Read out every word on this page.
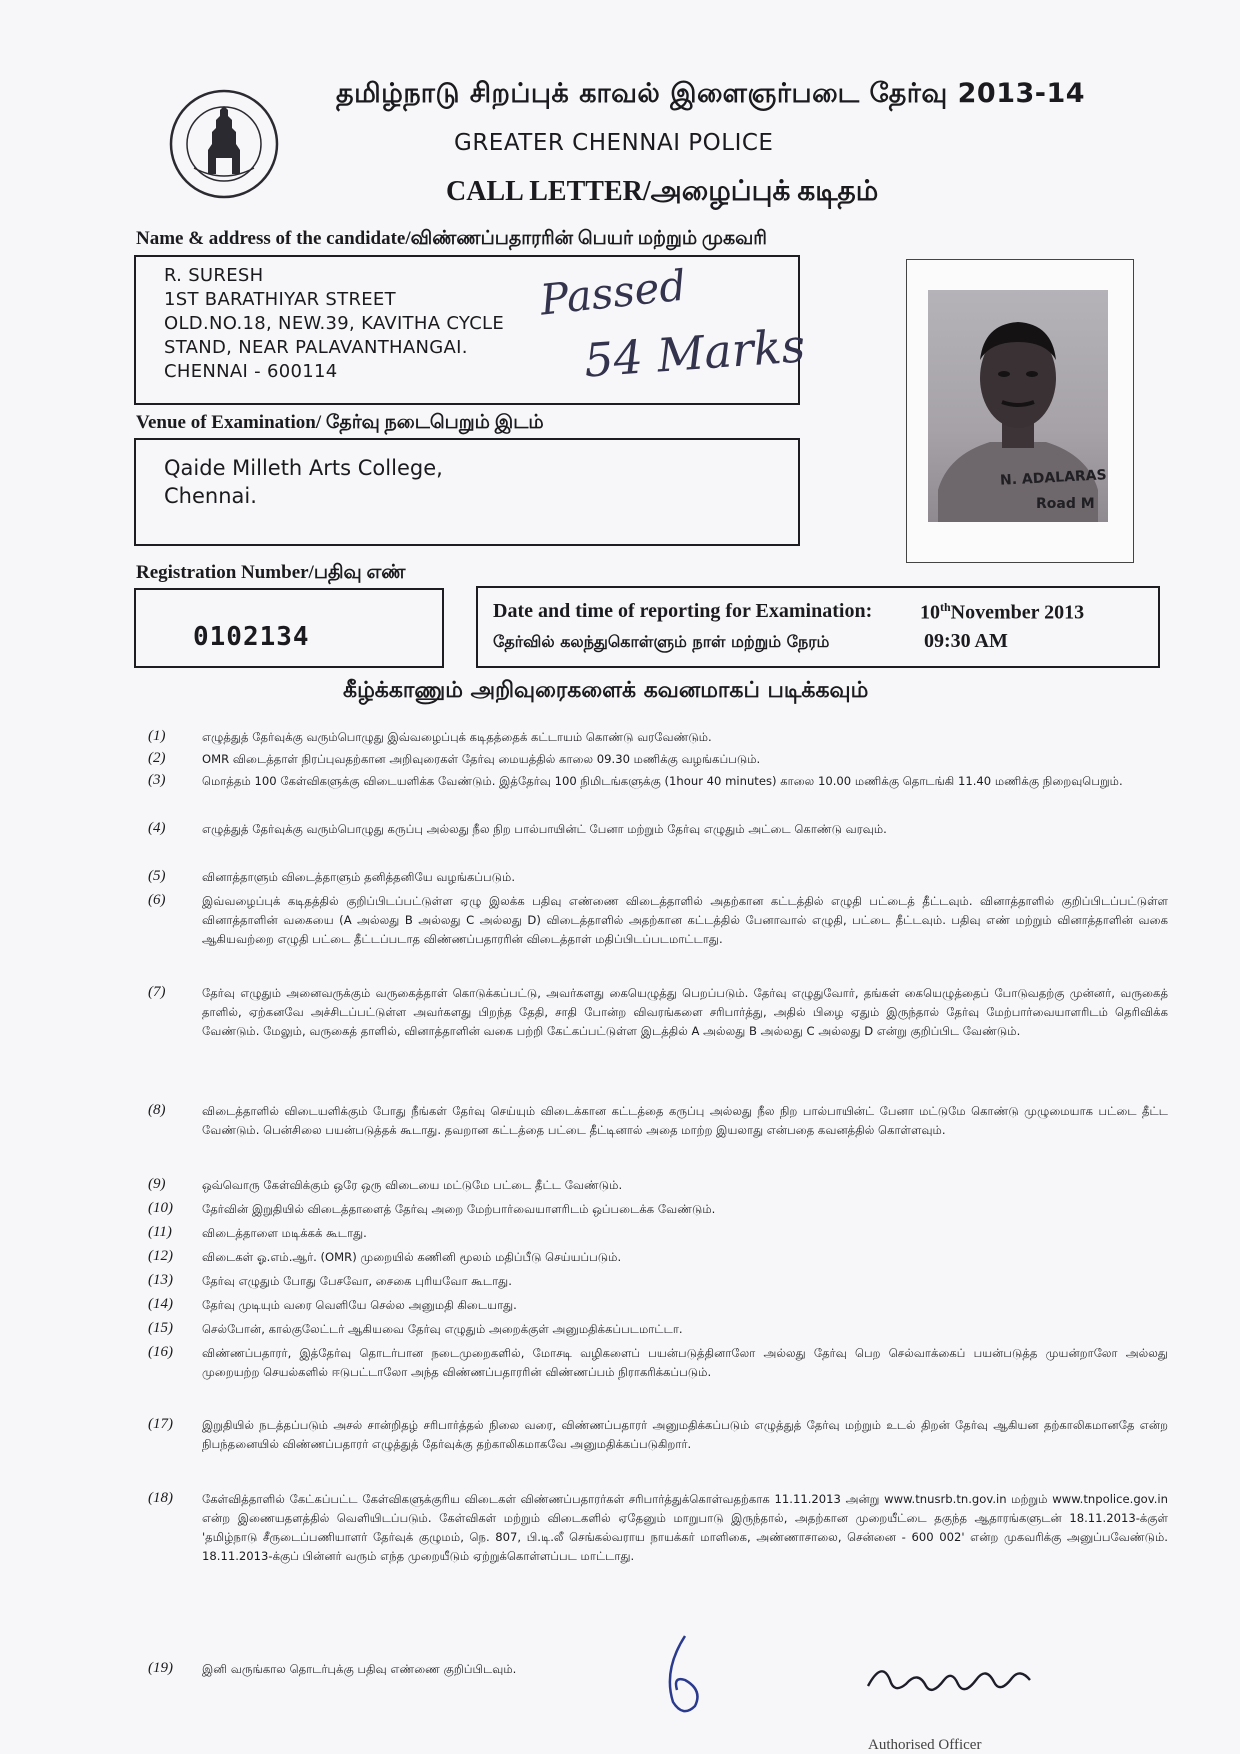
தமிழ்நாடு சிறப்புக் காவல் இளைஞர்படை தேர்வு 2013-14
GREATER CHENNAI POLICE
CALL LETTER/அழைப்புக் கடிதம்
Name & address of the candidate/விண்ணப்பதாரரின் பெயர் மற்றும் முகவரி
R. SURESH
1ST BARATHIYAR STREET
OLD.NO.18, NEW.39, KAVITHA CYCLE
STAND, NEAR PALAVANTHANGAI.
CHENNAI - 600114
Passed
54 Marks
N. ADALARAS
Road M
Venue of Examination/ தேர்வு நடைபெறும் இடம்
Qaide Milleth Arts College,
Chennai.
Registration Number/பதிவு எண்
0102134
Date and time of reporting for Examination: 10thNovember 2013
தேர்வில் கலந்துகொள்ளும் நாள் மற்றும் நேரம்	09:30 AM
கீழ்க்காணும் அறிவுரைகளைக் கவனமாகப் படிக்கவும்
(1)	எழுத்துத் தேர்வுக்கு வரும்பொழுது இவ்வழைப்புக் கடிதத்தைக் கட்டாயம் கொண்டு வரவேண்டும்.
(2)	OMR விடைத்தாள் நிரப்புவதற்கான அறிவுரைகள் தேர்வு மையத்தில் காலை 09.30 மணிக்கு வழங்கப்படும்.
(3)	மொத்தம் 100 கேள்விகளுக்கு விடையளிக்க வேண்டும். இத்தேர்வு 100 நிமிடங்களுக்கு (1hour 40 minutes) காலை 10.00 மணிக்கு தொடங்கி 11.40 மணிக்கு நிறைவுபெறும்.
(4)	எழுத்துத் தேர்வுக்கு வரும்பொழுது கருப்பு அல்லது நீல நிற பால்பாயின்ட் பேனா மற்றும் தேர்வு எழுதும் அட்டை கொண்டு வரவும்.
(5)	வினாத்தாளும் விடைத்தாளும் தனித்தனியே வழங்கப்படும்.
(6)	இவ்வழைப்புக் கடிதத்தில் குறிப்பிடப்பட்டுள்ள ஏழு இலக்க பதிவு எண்ணை விடைத்தாளில் அதற்கான கட்டத்தில் எழுதி பட்டைத் தீட்டவும். வினாத்தாளில் குறிப்பிடப்பட்டுள்ள வினாத்தாளின் வகையை (A அல்லது B அல்லது C அல்லது D) விடைத்தாளில் அதற்கான கட்டத்தில் பேனாவால் எழுதி, பட்டை தீட்டவும். பதிவு எண் மற்றும் வினாத்தாளின் வகை ஆகியவற்றை எழுதி பட்டை தீட்டப்படாத விண்ணப்பதாரரின் விடைத்தாள் மதிப்பிடப்படமாட்டாது.
(7)	தேர்வு எழுதும் அனைவருக்கும் வருகைத்தாள் கொடுக்கப்பட்டு, அவர்களது கையெழுத்து பெறப்படும். தேர்வு எழுதுவோர், தங்கள் கையெழுத்தைப் போடுவதற்கு முன்னர், வருகைத் தாளில், ஏற்கனவே அச்சிடப்பட்டுள்ள அவர்களது பிறந்த தேதி, சாதி போன்ற விவரங்களை சரிபார்த்து, அதில் பிழை ஏதும் இருந்தால் தேர்வு மேற்பார்வையாளரிடம் தெரிவிக்க வேண்டும். மேலும், வருகைத் தாளில், வினாத்தாளின் வகை பற்றி கேட்கப்பட்டுள்ள இடத்தில் A அல்லது B அல்லது C அல்லது D என்று குறிப்பிட வேண்டும்.
(8)	விடைத்தாளில் விடையளிக்கும் போது நீங்கள் தேர்வு செய்யும் விடைக்கான கட்டத்தை கருப்பு அல்லது நீல நிற பால்பாயின்ட் பேனா மட்டுமே கொண்டு முழுமையாக பட்டை தீட்ட வேண்டும். பென்சிலை பயன்படுத்தக் கூடாது. தவறான கட்டத்தை பட்டை தீட்டினால் அதை மாற்ற இயலாது என்பதை கவனத்தில் கொள்ளவும்.
(9)	ஒவ்வொரு கேள்விக்கும் ஒரே ஒரு விடையை மட்டுமே பட்டை தீட்ட வேண்டும்.
(10)	தேர்வின் இறுதியில் விடைத்தாளைத் தேர்வு அறை மேற்பார்வையாளரிடம் ஒப்படைக்க வேண்டும்.
(11)	விடைத்தாளை மடிக்கக் கூடாது.
(12)	விடைகள் ஓ.எம்.ஆர். (OMR) முறையில் கணினி மூலம் மதிப்பீடு செய்யப்படும்.
(13)	தேர்வு எழுதும் போது பேசவோ, சைகை புரியவோ கூடாது.
(14)	தேர்வு முடியும் வரை வெளியே செல்ல அனுமதி கிடையாது.
(15)	செல்போன், கால்குலேட்டர் ஆகியவை தேர்வு எழுதும் அறைக்குள் அனுமதிக்கப்படமாட்டா.
(16)	விண்ணப்பதாரர், இத்தேர்வு தொடர்பான நடைமுறைகளில், மோசடி வழிகளைப் பயன்படுத்தினாலோ அல்லது தேர்வு பெற செல்வாக்கைப் பயன்படுத்த முயன்றாலோ அல்லது முறையற்ற செயல்களில் ஈடுபட்டாலோ அந்த விண்ணப்பதாரரின் விண்ணப்பம் நிராகரிக்கப்படும்.
(17)	இறுதியில் நடத்தப்படும் அசல் சான்றிதழ் சரிபார்த்தல் நிலை வரை, விண்ணப்பதாரர் அனுமதிக்கப்படும் எழுத்துத் தேர்வு மற்றும் உடல் திறன் தேர்வு ஆகியன தற்காலிகமானதே என்ற நிபந்தனையில் விண்ணப்பதாரர் எழுத்துத் தேர்வுக்கு தற்காலிகமாகவே அனுமதிக்கப்படுகிறார்.
(18)	கேள்வித்தாளில் கேட்கப்பட்ட கேள்விகளுக்குரிய விடைகள் விண்ணப்பதாரர்கள் சரிபார்த்துக்கொள்வதற்காக 11.11.2013 அன்று www.tnusrb.tn.gov.in மற்றும் www.tnpolice.gov.in என்ற இணையதளத்தில் வெளியிடப்படும். கேள்விகள் மற்றும் விடைகளில் ஏதேனும் மாறுபாடு இருந்தால், அதற்கான முறையீட்டை தகுந்த ஆதாரங்களுடன் 18.11.2013-க்குள் 'தமிழ்நாடு சீருடைப்பணியாளர் தேர்வுக் குழுமம், நெ. 807, பி.டி.லீ செங்கல்வராய நாயக்கர் மாளிகை, அண்ணாசாலை, சென்னை - 600 002' என்ற முகவரிக்கு அனுப்பவேண்டும். 18.11.2013-க்குப் பின்னர் வரும் எந்த முறையீடும் ஏற்றுக்கொள்ளப்பட மாட்டாது.
(19)	இனி வருங்கால தொடர்புக்கு பதிவு எண்ணை குறிப்பிடவும்.
Authorised Officer
